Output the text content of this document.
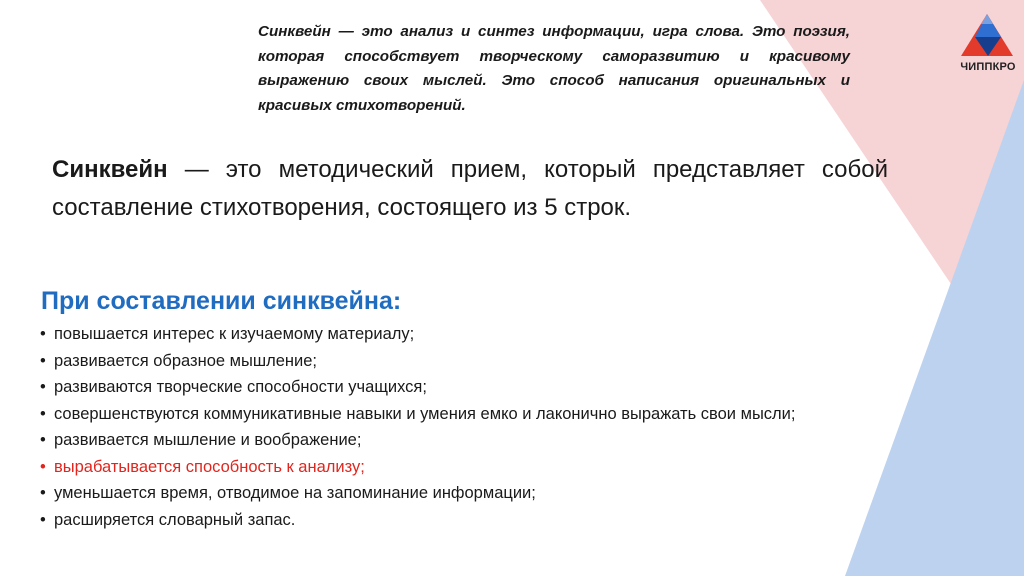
ЧИППКРО
Синквейн — это анализ и синтез информации, игра слова. Это поэзия, которая способствует творческому саморазвитию и красивому выражению своих мыслей. Это способ написания оригинальных и красивых стихотворений.
Синквейн — это методический прием, который представляет собой составление стихотворения, состоящего из 5 строк.
При составлении синквейна:
• повышается интерес к изучаемому материалу;
• развивается образное мышление;
• развиваются творческие способности учащихся;
• совершенствуются коммуникативные навыки и умения емко и лаконично выражать свои мысли;
• развивается мышление и воображение;
• вырабатывается способность к анализу;
• уменьшается время, отводимое на запоминание информации;
• расширяется словарный запас.
